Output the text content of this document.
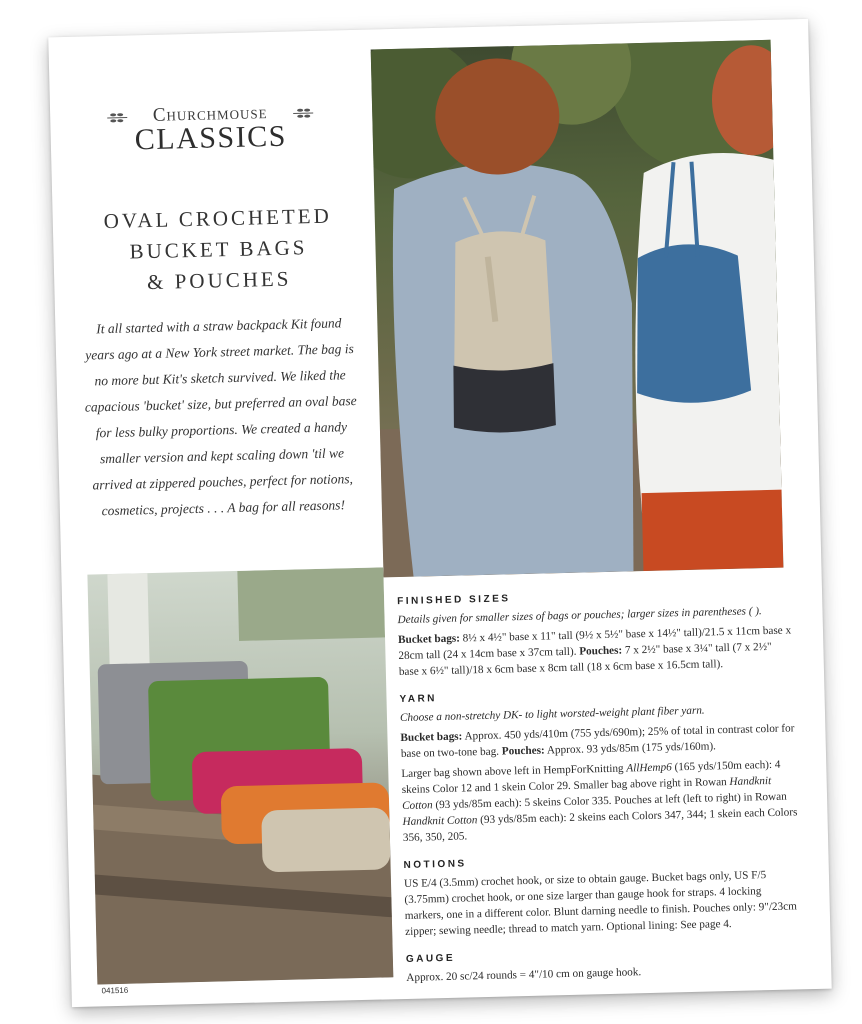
Churchmouse
CLASSICS
OVAL CROCHETED
BUCKET BAGS
& POUCHES
It all started with a straw backpack Kit found years ago at a New York street market. The bag is no more but Kit's sketch survived. We liked the capacious 'bucket' size, but preferred an oval base for less bulky proportions. We created a handy smaller version and kept scaling down 'til we arrived at zippered pouches, perfect for notions, cosmetics, projects . . . A bag for all reasons!
FINISHED SIZES

Details given for smaller sizes of bags or pouches; larger sizes in parentheses ( ).

Bucket bags: 8½ x 4½" base x 11" tall (9½ x 5½" base x 14½" tall)/21.5 x 11cm base x 28cm tall (24 x 14cm base x 37cm tall). Pouches: 7 x 2½" base x 3¼" tall (7 x 2½" base x 6½" tall)/18 x 6cm base x 8cm tall (18 x 6cm base x 16.5cm tall).

YARN

Choose a non-stretchy DK- to light worsted-weight plant fiber yarn.

Bucket bags: Approx. 450 yds/410m (755 yds/690m); 25% of total in contrast color for base on two-tone bag. Pouches: Approx. 93 yds/85m (175 yds/160m).

Larger bag shown above left in HempForKnitting AllHemp6 (165 yds/150m each): 4 skeins Color 12 and 1 skein Color 29. Smaller bag above right in Rowan Handknit Cotton (93 yds/85m each): 5 skeins Color 335. Pouches at left (left to right) in Rowan Handknit Cotton (93 yds/85m each): 2 skeins each Colors 347, 344; 1 skein each Colors 356, 350, 205.

NOTIONS

US E/4 (3.5mm) crochet hook, or size to obtain gauge. Bucket bags only, US F/5 (3.75mm) crochet hook, or one size larger than gauge hook for straps. 4 locking markers, one in a different color. Blunt darning needle to finish. Pouches only: 9"/23cm zipper; sewing needle; thread to match yarn. Optional lining: See page 4.

GAUGE

Approx. 20 sc/24 rounds = 4"/10 cm on gauge hook.

041516
